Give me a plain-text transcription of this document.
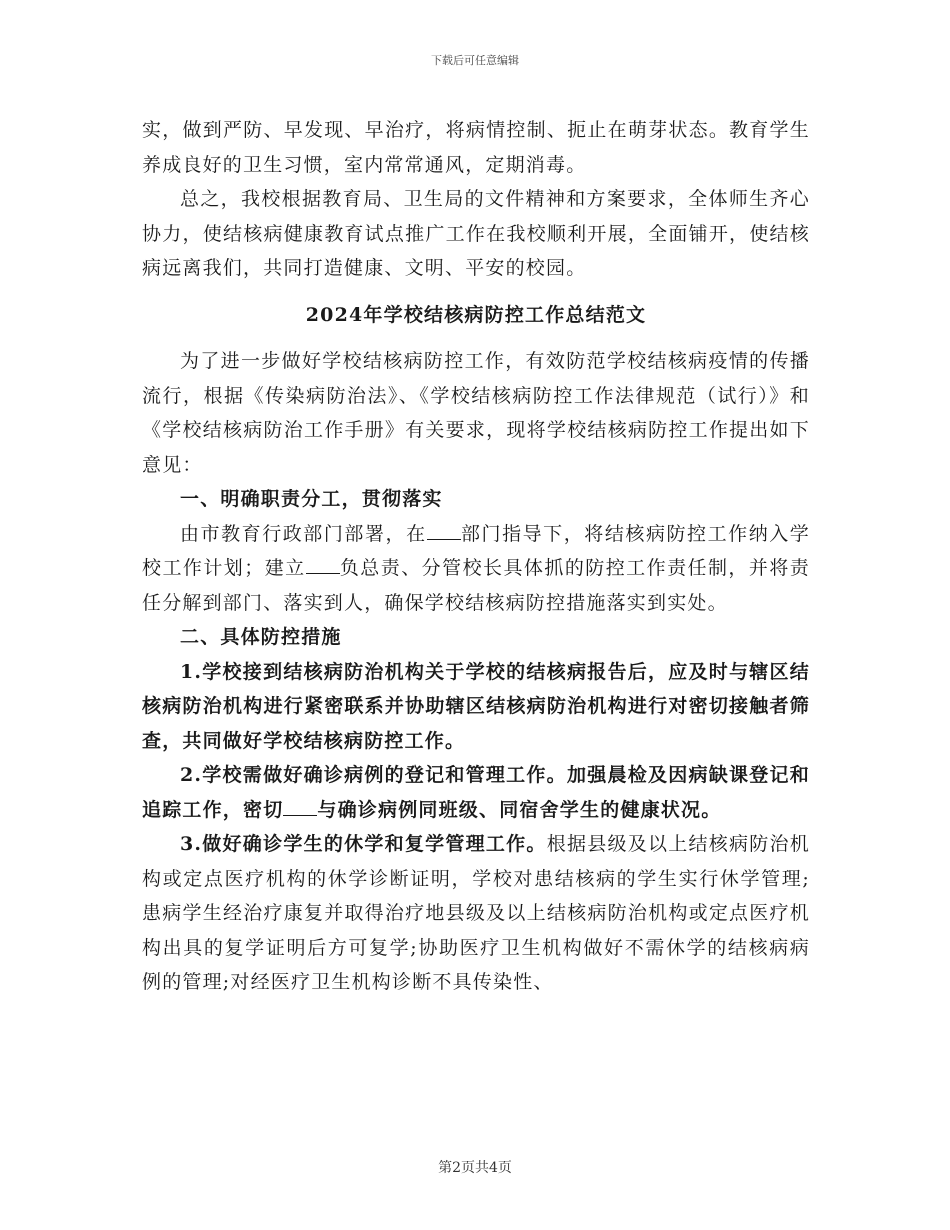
下载后可任意编辑

实，做到严防、早发现、早治疗，将病情控制、扼止在萌芽状态。教育学生养成良好的卫生习惯，室内常常通风，定期消毒。

总之，我校根据教育局、卫生局的文件精神和方案要求，全体师生齐心协力，使结核病健康教育试点推广工作在我校顺利开展，全面铺开，使结核病远离我们，共同打造健康、文明、平安的校园。

2024年学校结核病防控工作总结范文

为了进一步做好学校结核病防控工作，有效防范学校结核病疫情的传播流行，根据《传染病防治法》、《学校结核病防控工作法律规范（试行）》和《学校结核病防治工作手册》有关要求，现将学校结核病防控工作提出如下意见：

一、明确职责分工，贯彻落实

由市教育行政部门部署，在 部门指导下，将结核病防控工作纳入学校工作计划；建立 负总责、分管校长具体抓的防控工作责任制，并将责任分解到部门、落实到人，确保学校结核病防控措施落实到实处。

二、具体防控措施

1.学校接到结核病防治机构关于学校的结核病报告后，应及时与辖区结核病防治机构进行紧密联系并协助辖区结核病防治机构进行对密切接触者筛查，共同做好学校结核病防控工作。

2.学校需做好确诊病例的登记和管理工作。加强晨检及因病缺课登记和追踪工作，密切 与确诊病例同班级、同宿舍学生的健康状况。

3.做好确诊学生的休学和复学管理工作。根据县级及以上结核病防治机构或定点医疗机构的休学诊断证明，学校对患结核病的学生实行休学管理;患病学生经治疗康复并取得治疗地县级及以上结核病防治机构或定点医疗机构出具的复学证明后方可复学;协助医疗卫生机构做好不需休学的结核病病例的管理;对经医疗卫生机构诊断不具传染性、

第2页共4页
